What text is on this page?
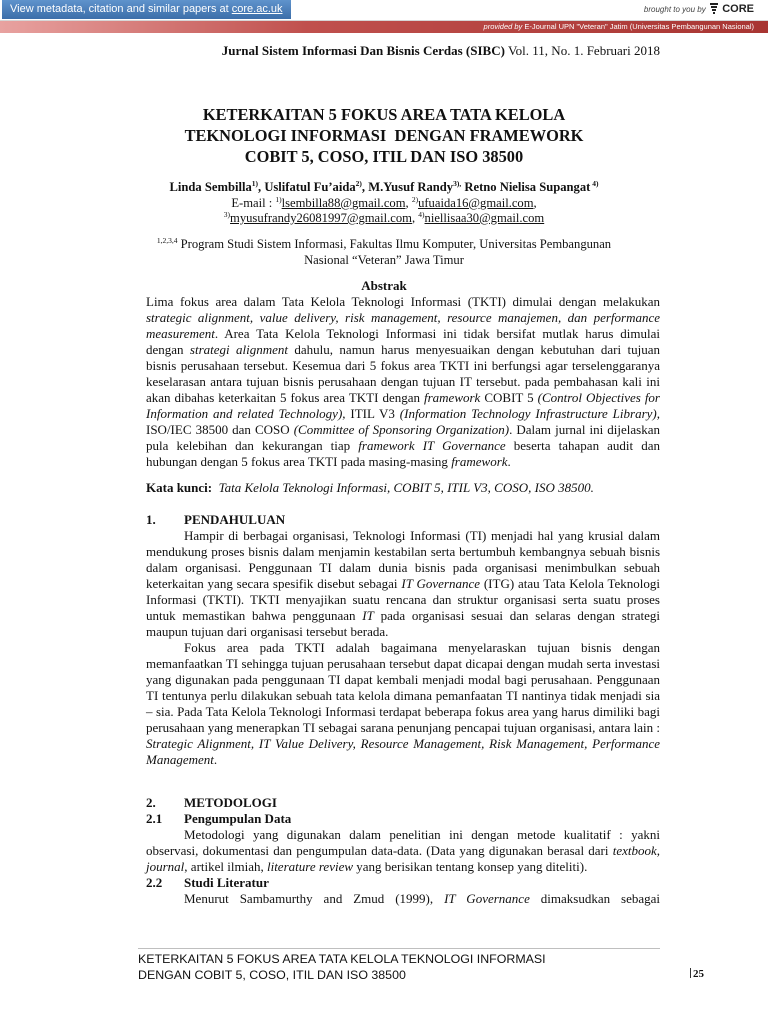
View metadata, citation and similar papers at core.ac.uk	brought to you by CORE
provided by E-Journal UPN "Veteran" Jatim (Universitas Pembangunan Nasional)
Jurnal Sistem Informasi Dan Bisnis Cerdas (SIBC) Vol. 11, No. 1. Februari 2018
KETERKAITAN 5 FOKUS AREA TATA KELOLA
TEKNOLOGI INFORMASI  DENGAN FRAMEWORK
COBIT 5, COSO, ITIL DAN ISO 38500
Linda Sembilla$^{1)}$, Uslifatul Fu’aida$^{2)}$, M.Yusuf Randy$^{3),}$ Retno Nielisa Supangat $^{4)}$
E-mail : $^{1)}$lsembilla88@gmail.com, $^{2)}$ufuaida16@gmail.com,
$^{3)}$myusufrandy26081997@gmail.com, $^{4)}$niellisaa30@gmail.com
$^{1,2,3,4}$ Program Studi Sistem Informasi, Fakultas Ilmu Komputer, Universitas Pembangunan
Nasional “Veteran” Jawa Timur
Abstrak

Lima fokus area dalam Tata Kelola Teknologi Informasi (TKTI) dimulai dengan melakukan strategic alignment, value delivery, risk management, resource manajemen, dan performance measurement. Area Tata Kelola Teknologi Informasi ini tidak bersifat mutlak harus dimulai dengan strategi alignment dahulu, namun harus menyesuaikan dengan kebutuhan dari tujuan bisnis perusahaan tersebut. Kesemua dari 5 fokus area TKTI ini berfungsi agar terselenggaranya keselarasan antara tujuan bisnis perusahaan dengan tujuan IT tersebut. pada pembahasan kali ini akan dibahas keterkaitan 5 fokus area TKTI dengan framework COBIT 5 (Control Objectives for Information and related Technology), ITIL V3 (Information Technology Infrastructure Library), ISO/IEC 38500 dan COSO (Committee of Sponsoring Organization). Dalam jurnal ini dijelaskan pula kelebihan dan kekurangan tiap framework IT Governance beserta tahapan audit dan hubungan dengan 5 fokus area TKTI pada masing-masing framework.

Kata kunci:  Tata Kelola Teknologi Informasi, COBIT 5, ITIL V3, COSO, ISO 38500.
1. PENDAHULUAN

Hampir di berbagai organisasi, Teknologi Informasi (TI) menjadi hal yang krusial dalam mendukung proses bisnis dalam menjamin kestabilan serta bertumbuh kembangnya sebuah bisnis dalam organisasi. Penggunaan TI dalam dunia bisnis pada organisasi menimbulkan sebuah keterkaitan yang secara spesifik disebut sebagai IT Governance (ITG) atau Tata Kelola Teknologi Informasi (TKTI). TKTI menyajikan suatu rencana dan struktur organisasi serta suatu proses untuk memastikan bahwa penggunaan IT pada organisasi sesuai dan selaras dengan strategi maupun tujuan dari organisasi tersebut berada.

Fokus area pada TKTI adalah bagaimana menyelaraskan tujuan bisnis dengan memanfaatkan TI sehingga tujuan perusahaan tersebut dapat dicapai dengan mudah serta investasi yang digunakan pada penggunaan TI dapat kembali menjadi modal bagi perusahaan. Penggunaan TI tentunya perlu dilakukan sebuah tata kelola dimana pemanfaatan TI nantinya tidak menjadi sia – sia. Pada Tata Kelola Teknologi Informasi terdapat beberapa fokus area yang harus dimiliki bagi perusahaan yang menerapkan TI sebagai sarana penunjang pencapai tujuan organisasi, antara lain : Strategic Alignment, IT Value Delivery, Resource Management, Risk Management, Performance Management.

2. METODOLOGI
2.1 Pengumpulan Data

Metodologi yang digunakan dalam penelitian ini dengan metode kualitatif : yakni observasi, dokumentasi dan pengumpulan data-data. (Data yang digunakan berasal dari textbook, journal, artikel ilmiah, literature review yang berisikan tentang konsep yang diteliti).

2.2 Studi Literatur

Menurut Sambamurthy and Zmud (1999), IT Governance dimaksudkan sebagai

KETERKAITAN 5 FOKUS AREA TATA KELOLA TEKNOLOGI INFORMASI
DENGAN COBIT 5, COSO, ITIL DAN ISO 38500	25
